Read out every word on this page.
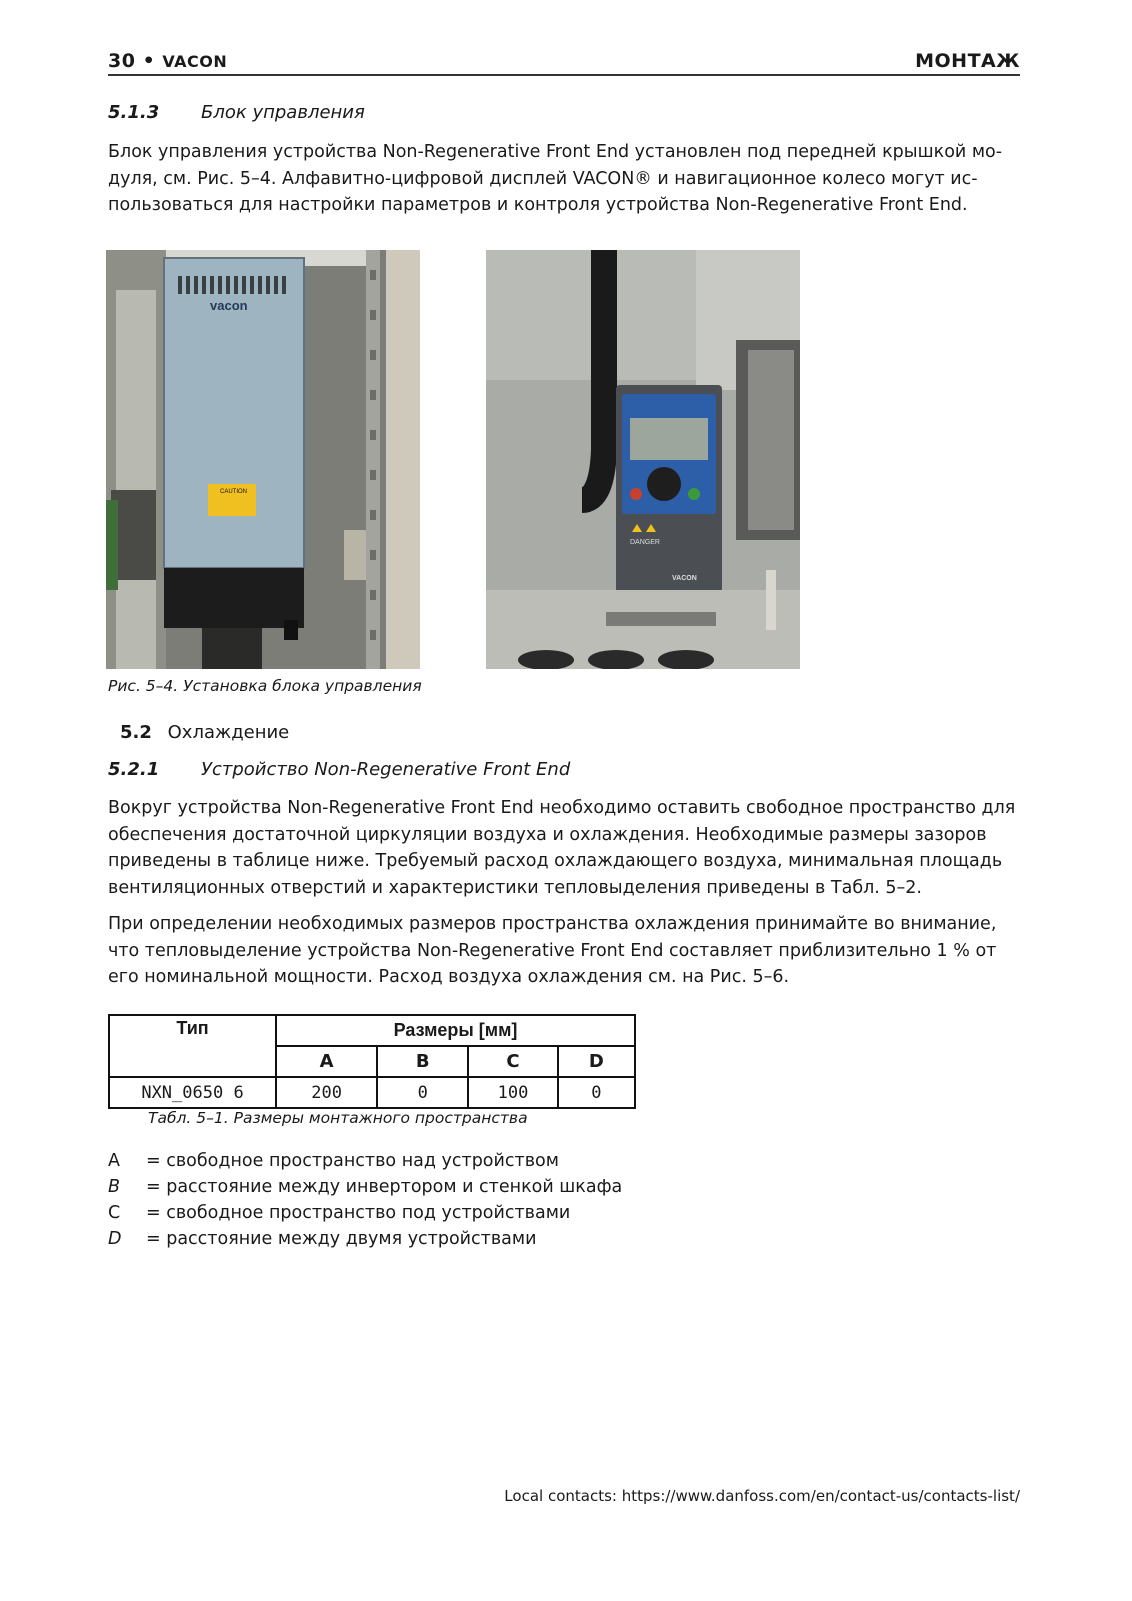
30 • VACON	МОНТАЖ
5.1.3 Блок управления
Блок управления устройства Non-Regenerative Front End установлен под передней крышкой мо-
дуля, см. Рис. 5–4. Алфавитно-цифровой дисплей VACON® и навигационное колесо могут ис-
пользоваться для настройки параметров и контроля устройства Non-Regenerative Front End.
vacon
CAUTION
DANGER
VACON
Рис. 5–4. Установка блока управления
5.2 Охлаждение
5.2.1 Устройство Non-Regenerative Front End
Вокруг устройства Non-Regenerative Front End необходимо оставить свободное пространство для
обеспечения достаточной циркуляции воздуха и охлаждения. Необходимые размеры зазоров
приведены в таблице ниже. Требуемый расход охлаждающего воздуха, минимальная площадь
вентиляционных отверстий и характеристики тепловыделения приведены в Табл. 5–2.
При определении необходимых размеров пространства охлаждения принимайте во внимание,
что тепловыделение устройства Non-Regenerative Front End составляет приблизительно 1 % от
его номинальной мощности. Расход воздуха охлаждения см. на Рис. 5–6.
Тип	Размеры [мм]			
	A	B	C	D
NXN_0650 6	200	0	100	0
Табл. 5–1. Размеры монтажного пространства
A = свободное пространство над устройством
B = расстояние между инвертором и стенкой шкафа
C = свободное пространство под устройствами
D = расстояние между двумя устройствами
Local contacts: https://www.danfoss.com/en/contact-us/contacts-list/
